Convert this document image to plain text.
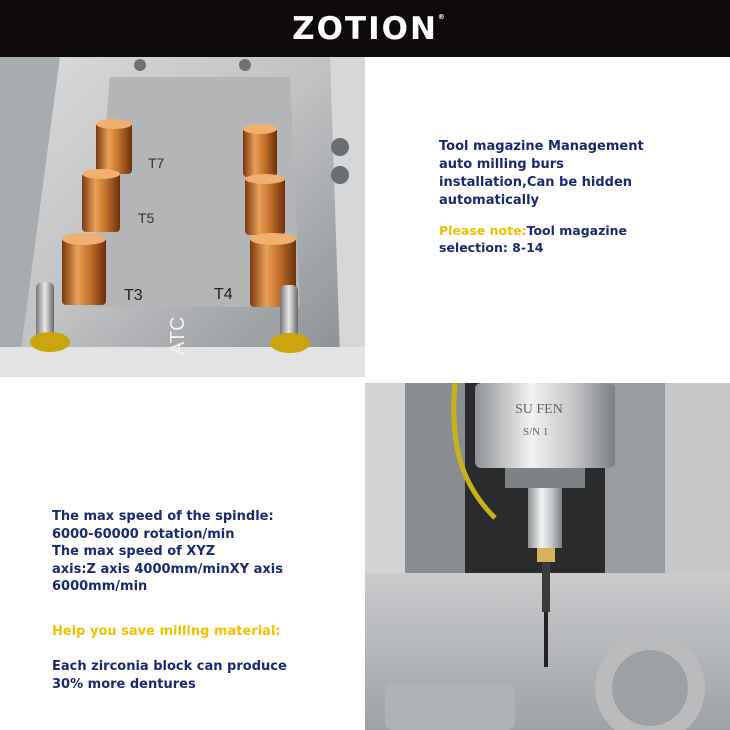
ZOTION ®
T7
T5
T3	T4
ATC
Tool magazine Management
auto milling burs
installation,Can be hidden
automatically
Please note:Tool magazine
selection: 8-14
SU FEN
S/N 1
The max speed of the spindle:
6000-60000 rotation/min
The max speed of XYZ
axis:Z axis 4000mm/minXY axis
6000mm/min
Help you save milling material:
Each zirconia block can produce
30% more dentures
